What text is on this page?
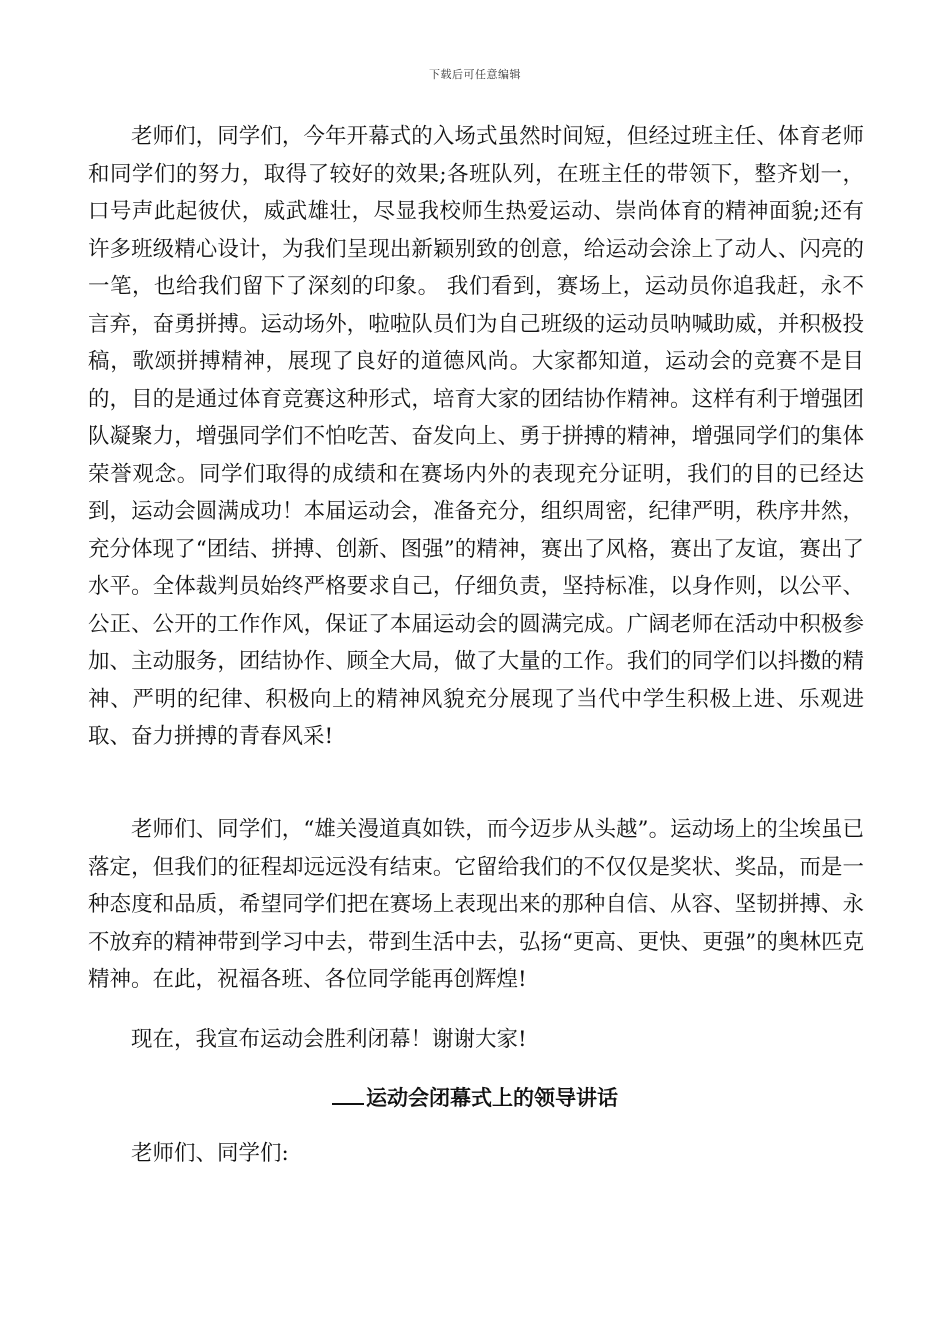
下载后可任意编辑

老师们，同学们，今年开幕式的入场式虽然时间短，但经过班主任、体育老师和同学们的努力，取得了较好的效果;各班队列，在班主任的带领下，整齐划一，口号声此起彼伏，威武雄壮，尽显我校师生热爱运动、崇尚体育的精神面貌;还有许多班级精心设计，为我们呈现出新颖别致的创意，给运动会涂上了动人、闪亮的一笔，也给我们留下了深刻的印象。 我们看到，赛场上，运动员你追我赶，永不言弃，奋勇拼搏。运动场外，啦啦队员们为自己班级的运动员呐喊助威，并积极投稿，歌颂拼搏精神，展现了良好的道德风尚。大家都知道，运动会的竞赛不是目的，目的是通过体育竞赛这种形式，培育大家的团结协作精神。这样有利于增强团队凝聚力，增强同学们不怕吃苦、奋发向上、勇于拼搏的精神，增强同学们的集体荣誉观念。同学们取得的成绩和在赛场内外的表现充分证明，我们的目的已经达到，运动会圆满成功！本届运动会，准备充分，组织周密，纪律严明，秩序井然，充分体现了“团结、拼搏、创新、图强”的精神，赛出了风格，赛出了友谊，赛出了水平。全体裁判员始终严格要求自己，仔细负责，坚持标准，以身作则，以公平、公正、公开的工作作风，保证了本届运动会的圆满完成。广阔老师在活动中积极参加、主动服务，团结协作、顾全大局，做了大量的工作。我们的同学们以抖擞的精神、严明的纪律、积极向上的精神风貌充分展现了当代中学生积极上进、乐观进取、奋力拼搏的青春风采!

老师们、同学们，“雄关漫道真如铁，而今迈步从头越”。运动场上的尘埃虽已落定，但我们的征程却远远没有结束。它留给我们的不仅仅是奖状、奖品，而是一种态度和品质，希望同学们把在赛场上表现出来的那种自信、从容、坚韧拼搏、永不放弃的精神带到学习中去，带到生活中去，弘扬“更高、更快、更强”的奥林匹克精神。在此，祝福各班、各位同学能再创辉煌!

现在，我宣布运动会胜利闭幕！谢谢大家!

运动会闭幕式上的领导讲话

老师们、同学们:
